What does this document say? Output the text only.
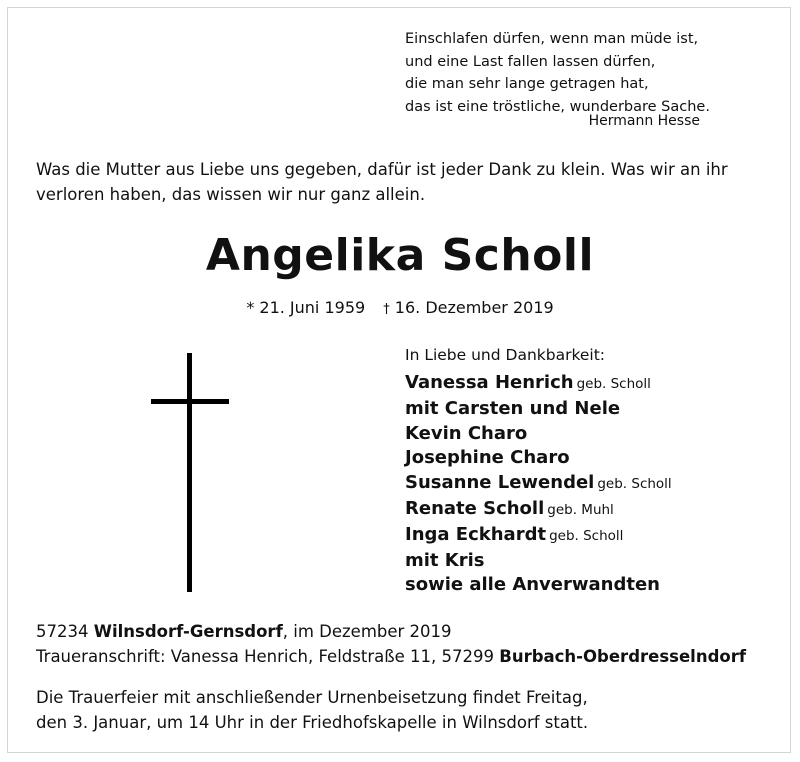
Einschlafen dürfen, wenn man müde ist,
und eine Last fallen lassen dürfen,
die man sehr lange getragen hat,
das ist eine tröstliche, wunderbare Sache.
Hermann Hesse
Was die Mutter aus Liebe uns gegeben, dafür ist jeder Dank zu klein. Was wir an ihr
verloren haben, das wissen wir nur ganz allein.
Angelika Scholl
* 21. Juni 1959 † 16. Dezember 2019
In Liebe und Dankbarkeit:
Vanessa Henrich geb. Scholl
mit Carsten und Nele
Kevin Charo
Josephine Charo
Susanne Lewendel geb. Scholl
Renate Scholl geb. Muhl
Inga Eckhardt geb. Scholl
mit Kris
sowie alle Anverwandten
57234 Wilnsdorf-Gernsdorf, im Dezember 2019
Traueranschrift: Vanessa Henrich, Feldstraße 11, 57299 Burbach-Oberdresselndorf
Die Trauerfeier mit anschließender Urnenbeisetzung findet Freitag,
den 3. Januar, um 14 Uhr in der Friedhofskapelle in Wilnsdorf statt.
